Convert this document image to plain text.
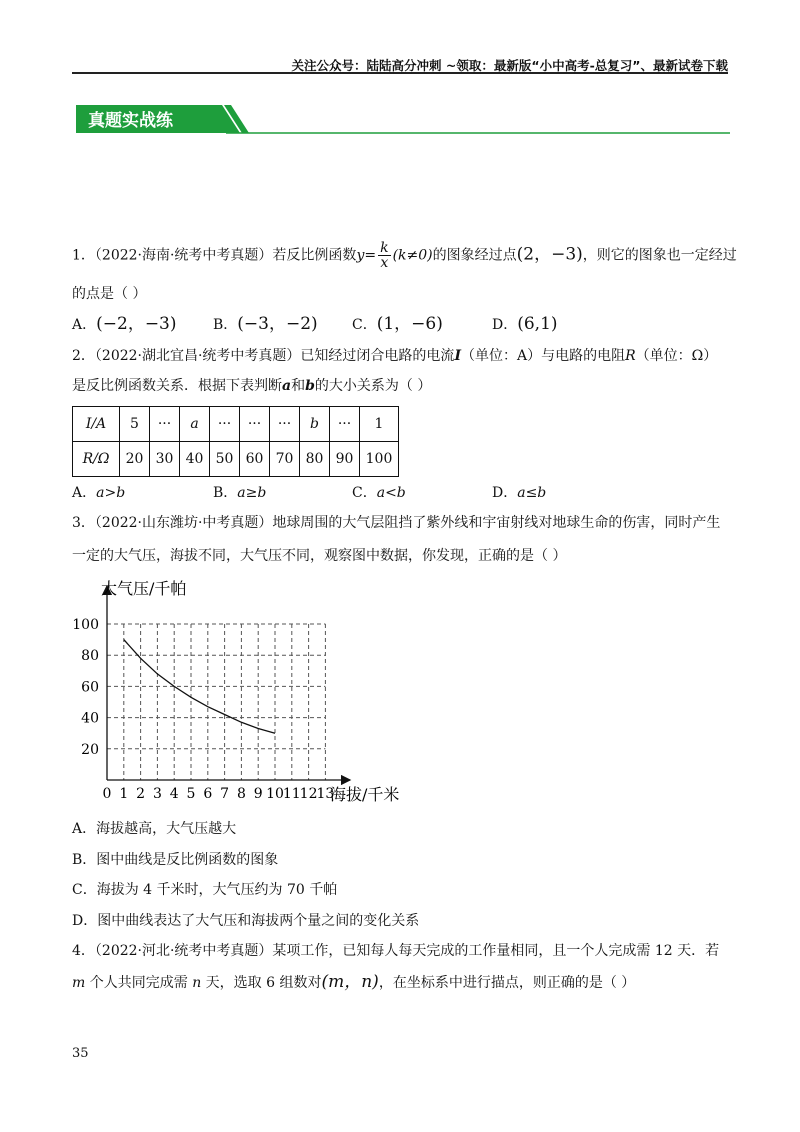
关注公众号：陆陆高分冲刺 ~领取：最新版“小中高考-总复习”、最新试卷下载
真题实战练
1．（2022·海南·统考中考真题）若反比例函数$y= \frac{k}{x} (k\ne 0)$的图象经过点(2，−3)，则它的图象也一定经过
的点是（ ）
A．(−2，−3)	B．(−3，−2) C．(1，−6)	D．(6,1)
2．（2022·湖北宜昌·统考中考真题）已知经过闭合电路的电流I（单位：A）与电路的电阻R（单位：Ω）
是反比例函数关系．根据下表判断a和b的大小关系为（ ）
I/A	5	···	a	···	···	···	b	···	1
R/Ω	20	30	40	50	60	70	80	90	100
A．a>b	B．a≥b	C．a<b	D．a≤b
3．（2022·山东潍坊·中考真题）地球周围的大气层阻挡了紫外线和宇宙射线对地球生命的伤害，同时产生
一定的大气压，海拔不同，大气压不同，观察图中数据，你发现，正确的是（ ）
0 1 2 3 4 5 6 7 8 9 10
11
12
13
20
40
60
80
100
大气压/千帕
海拔/千米
A．海拔越高，大气压越大
B．图中曲线是反比例函数的图象
C．海拔为 4 千米时，大气压约为 70 千帕
D．图中曲线表达了大气压和海拔两个量之间的变化关系
4．（2022·河北·统考中考真题）某项工作，已知每人每天完成的工作量相同，且一个人完成需 12 天．若
m 个人共同完成需 n 天，选取 6 组数对(m，n)，在坐标系中进行描点，则正确的是（ ）
35
